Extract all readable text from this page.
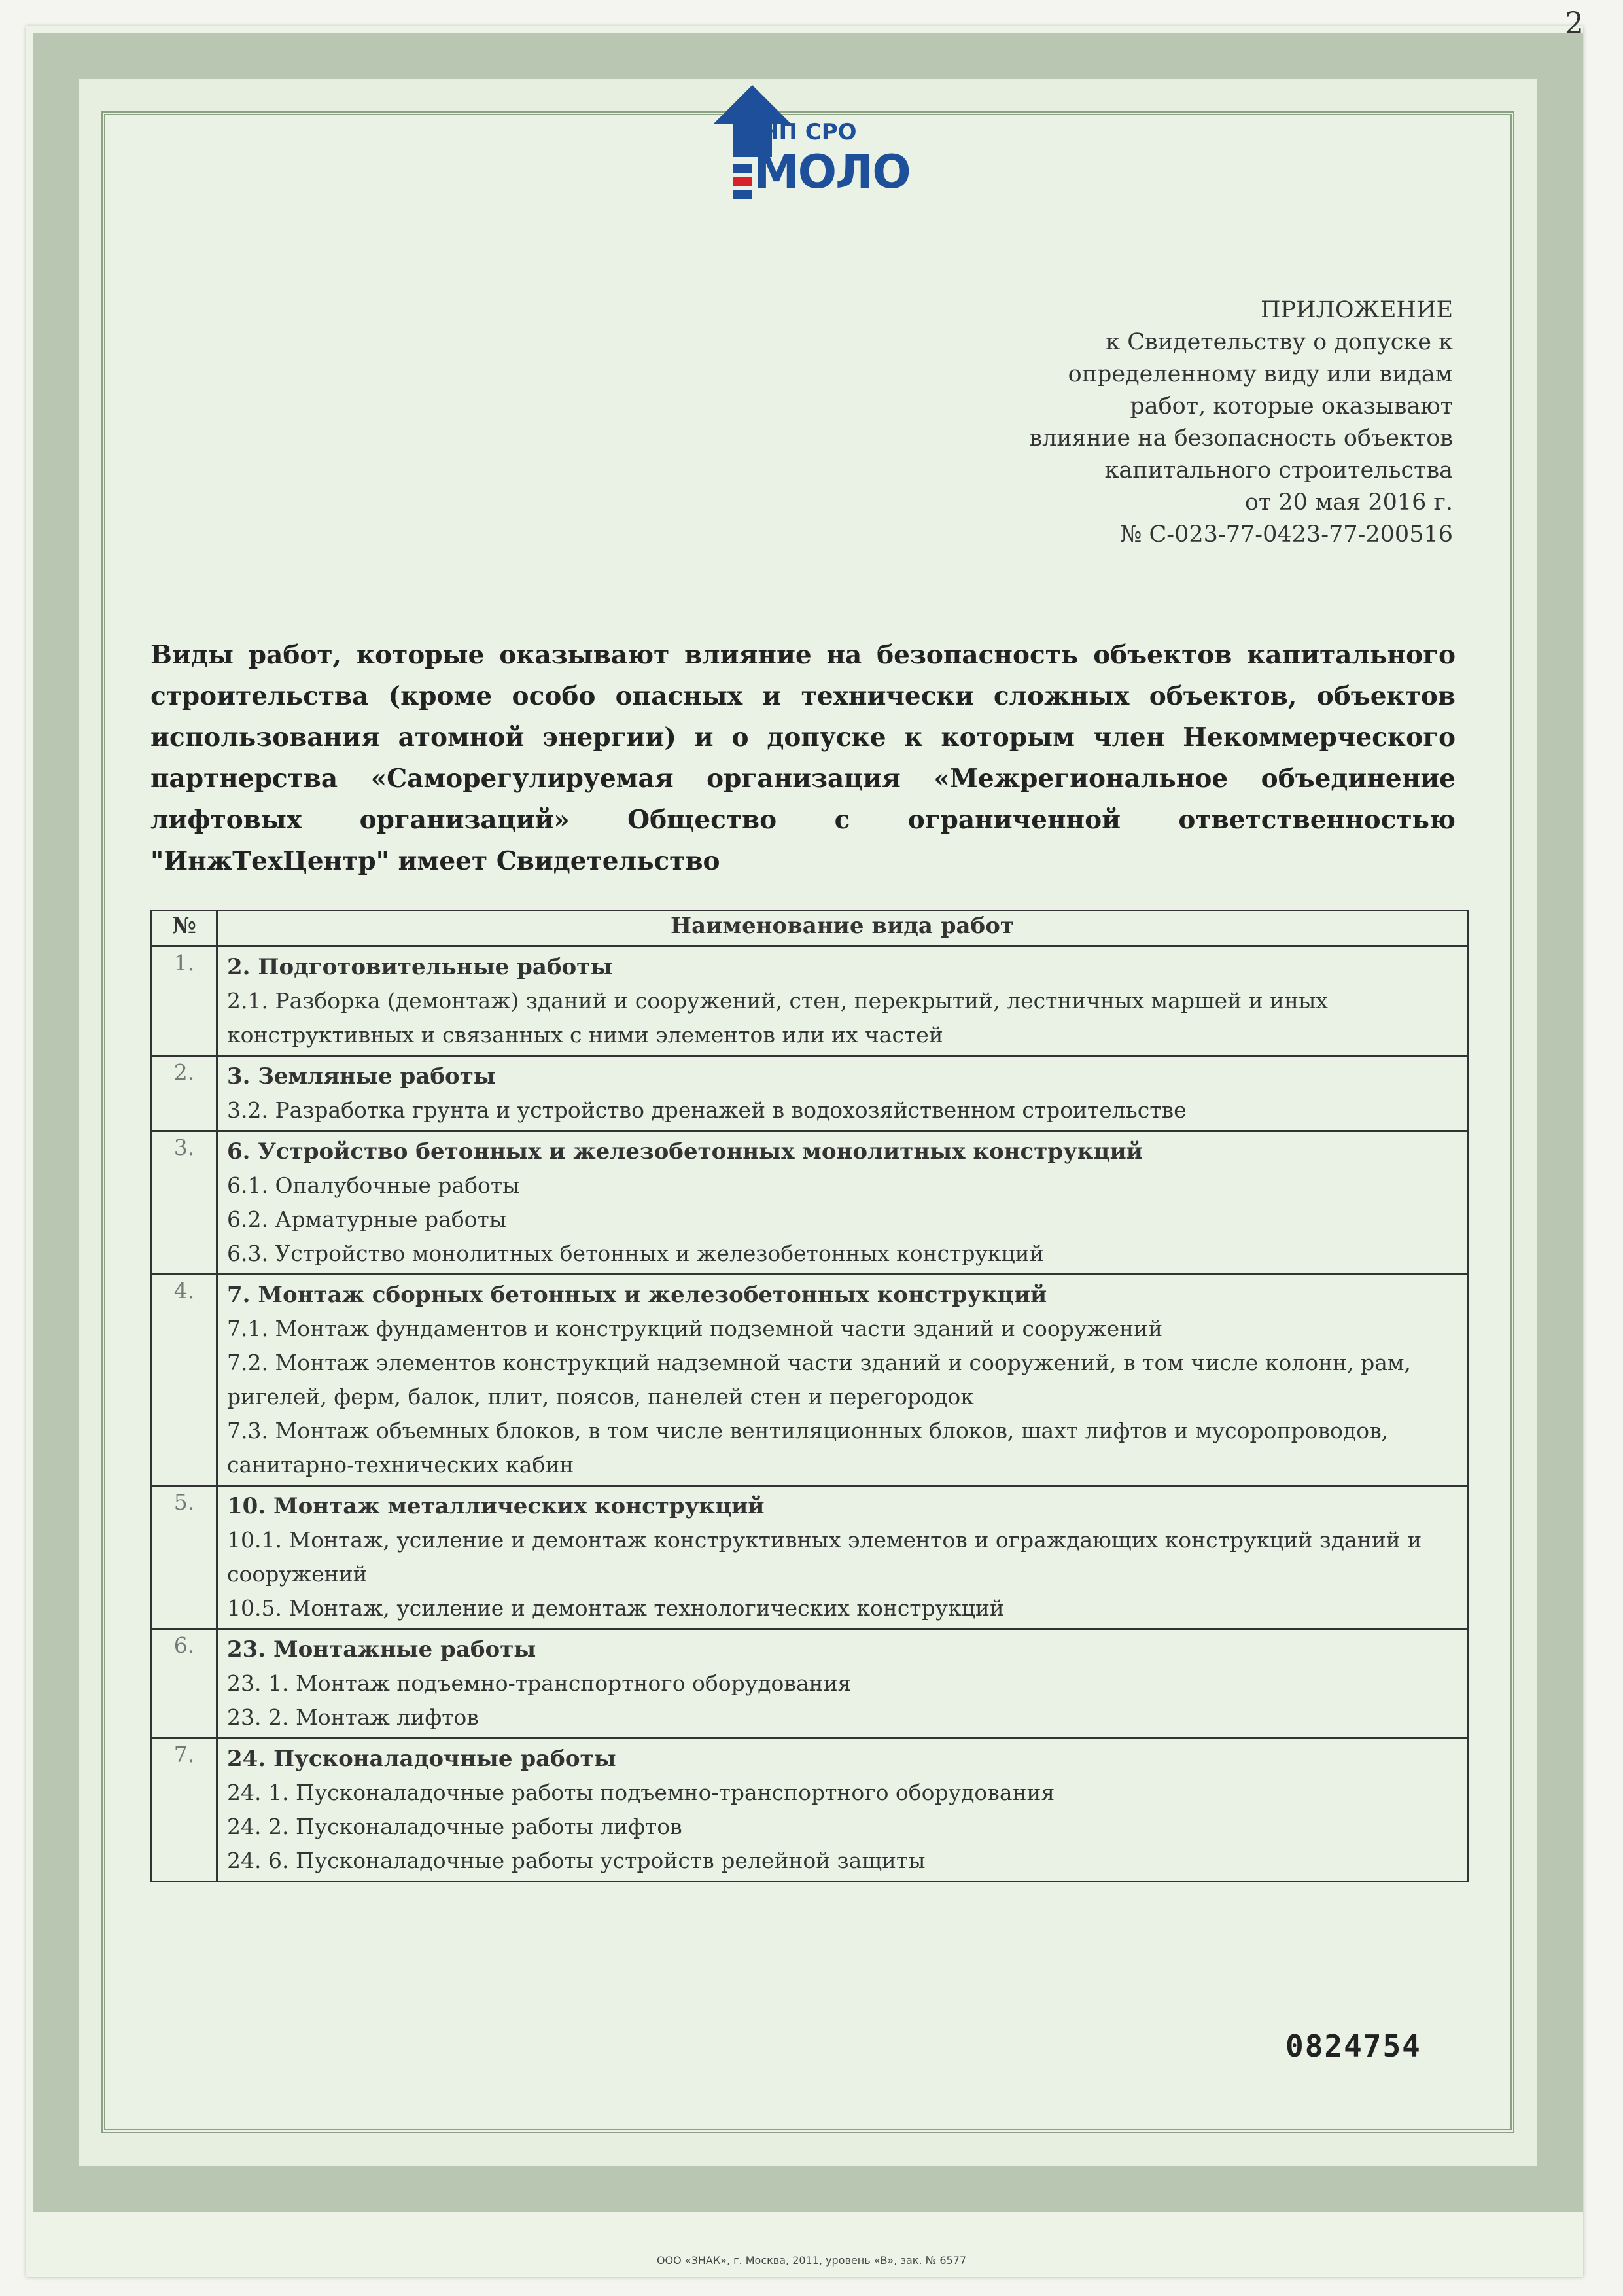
2
НП СРО
МОЛО
ПРИЛОЖЕНИЕ
к Свидетельству о допуске к
определенному виду или видам
работ, которые оказывают
влияние на безопасность объектов
капитального строительства
от 20 мая 2016 г.
№ С-023-77-0423-77-200516
Виды работ, которые оказывают влияние на безопасность объектов капитального строительства (кроме особо опасных и технически сложных объектов, объектов использования атомной энергии) и о допуске к которым член Некоммерческого партнерства «Саморегулируемая организация «Межрегиональное объединение лифтовых организаций» Общество с ограниченной ответственностью "ИнжТехЦентр" имеет Свидетельство
№	Наименование вида работ
1.	2. Подготовительные работы
2.1. Разборка (демонтаж) зданий и сооружений, стен, перекрытий, лестничных маршей и иных конструктивных и связанных с ними элементов или их частей

2.	3. Земляные работы
3.2. Разработка грунта и устройство дренажей в водохозяйственном строительстве

3.	6. Устройство бетонных и железобетонных монолитных конструкций
6.1. Опалубочные работы
6.2. Арматурные работы
6.3. Устройство монолитных бетонных и железобетонных конструкций

4.	7. Монтаж сборных бетонных и железобетонных конструкций
7.1. Монтаж фундаментов и конструкций подземной части зданий и сооружений
7.2. Монтаж элементов конструкций надземной части зданий и сооружений, в том числе колонн, рам, ригелей, ферм, балок, плит, поясов, панелей стен и перегородок
7.3. Монтаж объемных блоков, в том числе вентиляционных блоков, шахт лифтов и мусоропроводов, санитарно-технических кабин

5.	10. Монтаж металлических конструкций
10.1. Монтаж, усиление и демонтаж конструктивных элементов и ограждающих конструкций зданий и сооружений
10.5. Монтаж, усиление и демонтаж технологических конструкций

6.	23. Монтажные работы
23. 1. Монтаж подъемно-транспортного оборудования
23. 2. Монтаж лифтов

7.	24. Пусконаладочные работы
24. 1. Пусконаладочные работы подъемно-транспортного оборудования
24. 2. Пусконаладочные работы лифтов
24. 6. Пусконаладочные работы устройств релейной защиты
0824754
ООО «ЗНАК», г. Москва, 2011, уровень «В», зак. № 6577
